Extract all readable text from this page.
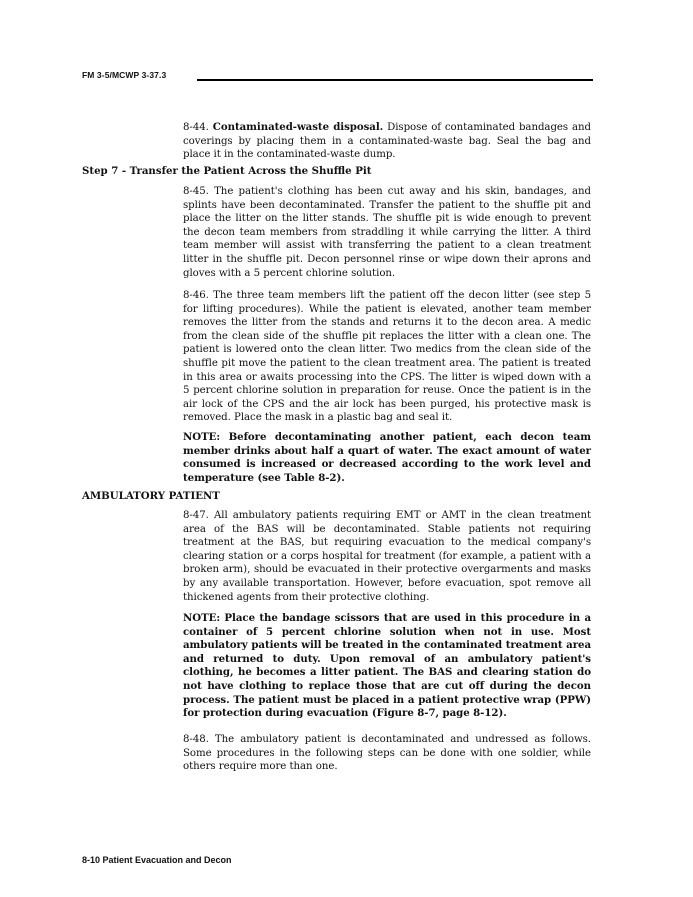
FM 3-5/MCWP 3-37.3

8-44. Contaminated-waste disposal. Dispose of contaminated bandages and coverings by placing them in a contaminated-waste bag. Seal the bag and place it in the contaminated-waste dump.

Step 7 - Transfer the Patient Across the Shuffle Pit

8-45. The patient's clothing has been cut away and his skin, bandages, and splints have been decontaminated. Transfer the patient to the shuffle pit and place the litter on the litter stands. The shuffle pit is wide enough to prevent the decon team members from straddling it while carrying the litter. A third team member will assist with transferring the patient to a clean treatment litter in the shuffle pit. Decon personnel rinse or wipe down their aprons and gloves with a 5 percent chlorine solution.

8-46. The three team members lift the patient off the decon litter (see step 5 for lifting procedures). While the patient is elevated, another team member removes the litter from the stands and returns it to the decon area. A medic from the clean side of the shuffle pit replaces the litter with a clean one. The patient is lowered onto the clean litter. Two medics from the clean side of the shuffle pit move the patient to the clean treatment area. The patient is treated in this area or awaits processing into the CPS. The litter is wiped down with a 5 percent chlorine solution in preparation for reuse. Once the patient is in the air lock of the CPS and the air lock has been purged, his protective mask is removed. Place the mask in a plastic bag and seal it.

NOTE: Before decontaminating another patient, each decon team member drinks about half a quart of water. The exact amount of water consumed is increased or decreased according to the work level and temperature (see Table 8-2).

AMBULATORY PATIENT

8-47. All ambulatory patients requiring EMT or AMT in the clean treatment area of the BAS will be decontaminated. Stable patients not requiring treatment at the BAS, but requiring evacuation to the medical company's clearing station or a corps hospital for treatment (for example, a patient with a broken arm), should be evacuated in their protective overgarments and masks by any available transportation. However, before evacuation, spot remove all thickened agents from their protective clothing.

NOTE: Place the bandage scissors that are used in this procedure in a container of 5 percent chlorine solution when not in use. Most ambulatory patients will be treated in the contaminated treatment area and returned to duty. Upon removal of an ambulatory patient's clothing, he becomes a litter patient. The BAS and clearing station do not have clothing to replace those that are cut off during the decon process. The patient must be placed in a patient protective wrap (PPW) for protection during evacuation (Figure 8-7, page 8-12).

8-48. The ambulatory patient is decontaminated and undressed as follows. Some procedures in the following steps can be done with one soldier, while others require more than one.

8-10 Patient Evacuation and Decon
